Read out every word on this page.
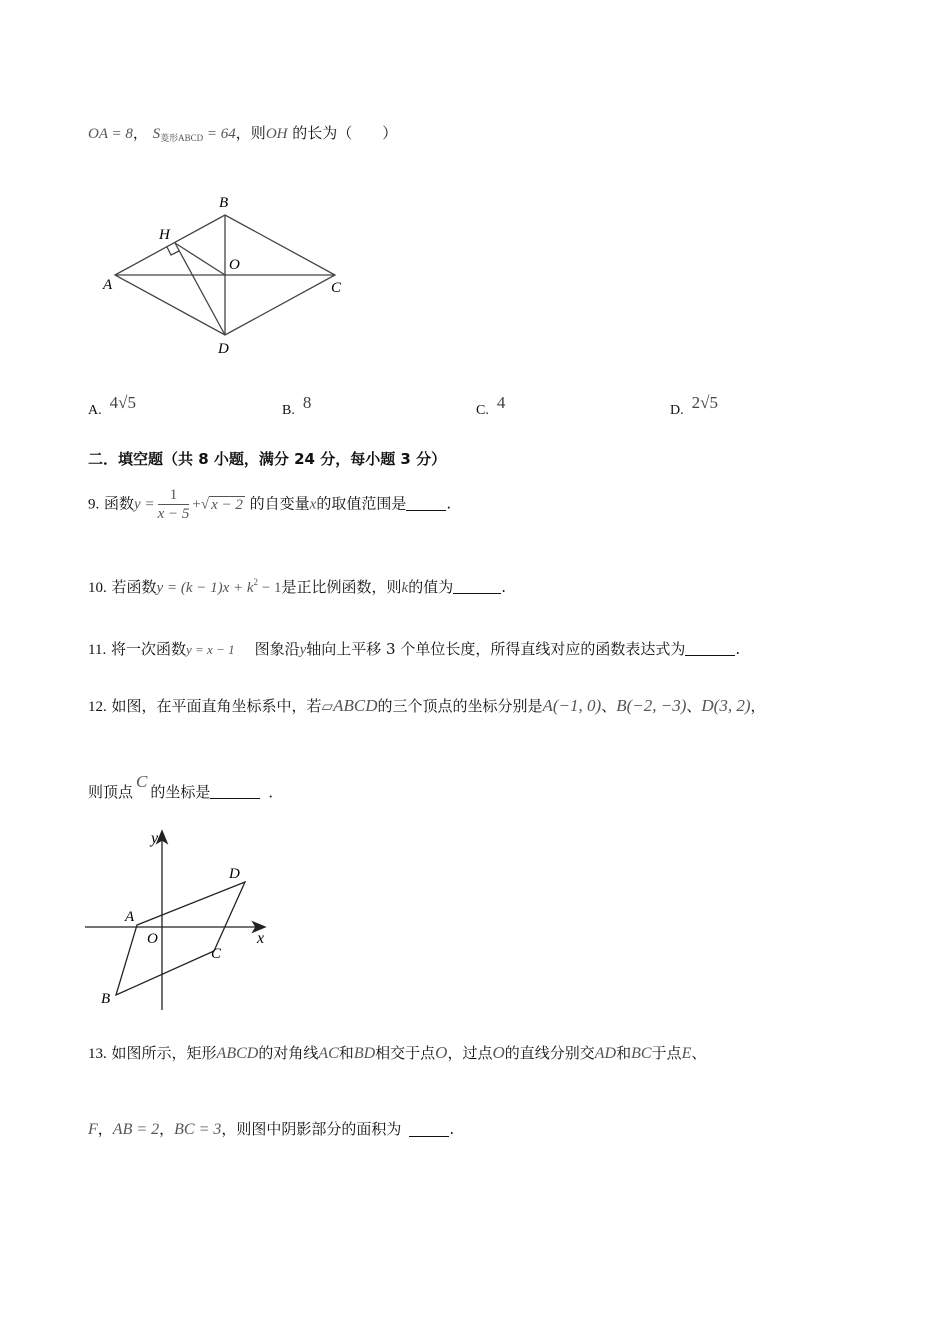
OA = 8， $S_{菱形ABCD} = 64$，则OH 的长为（　　）
B
A	C
D
H
O
A. 4√5	B. 8	C. 4	D. 2√5
二．填空题（共 8 小题，满分 24 分，每小题 3 分）
9. 函数$y = \frac{1}{x - 5}$ +√ x − 2 的自变量x的取值范围是	.
10. 若函数$y = (k - 1)x + k^2 - 1$是正比例函数，则k的值为	.
11. 将一次函数y = x − 1 图象沿y轴向上平移 3 个单位长度，所得直线对应的函数表达式为	.
12. 如图，在平面直角坐标系中，若▱ABCD的三个顶点的坐标分别是A(−1, 0)、B(−2, −3)、D(3, 2)，
则顶点C的坐标是	．
y
x
A
O
D
C
B
13. 如图所示，矩形ABCD的对角线AC和BD相交于点O，过点O的直线分别交AD和BC于点E、
F，AB = 2，BC = 3，则图中阴影部分的面积为	.
